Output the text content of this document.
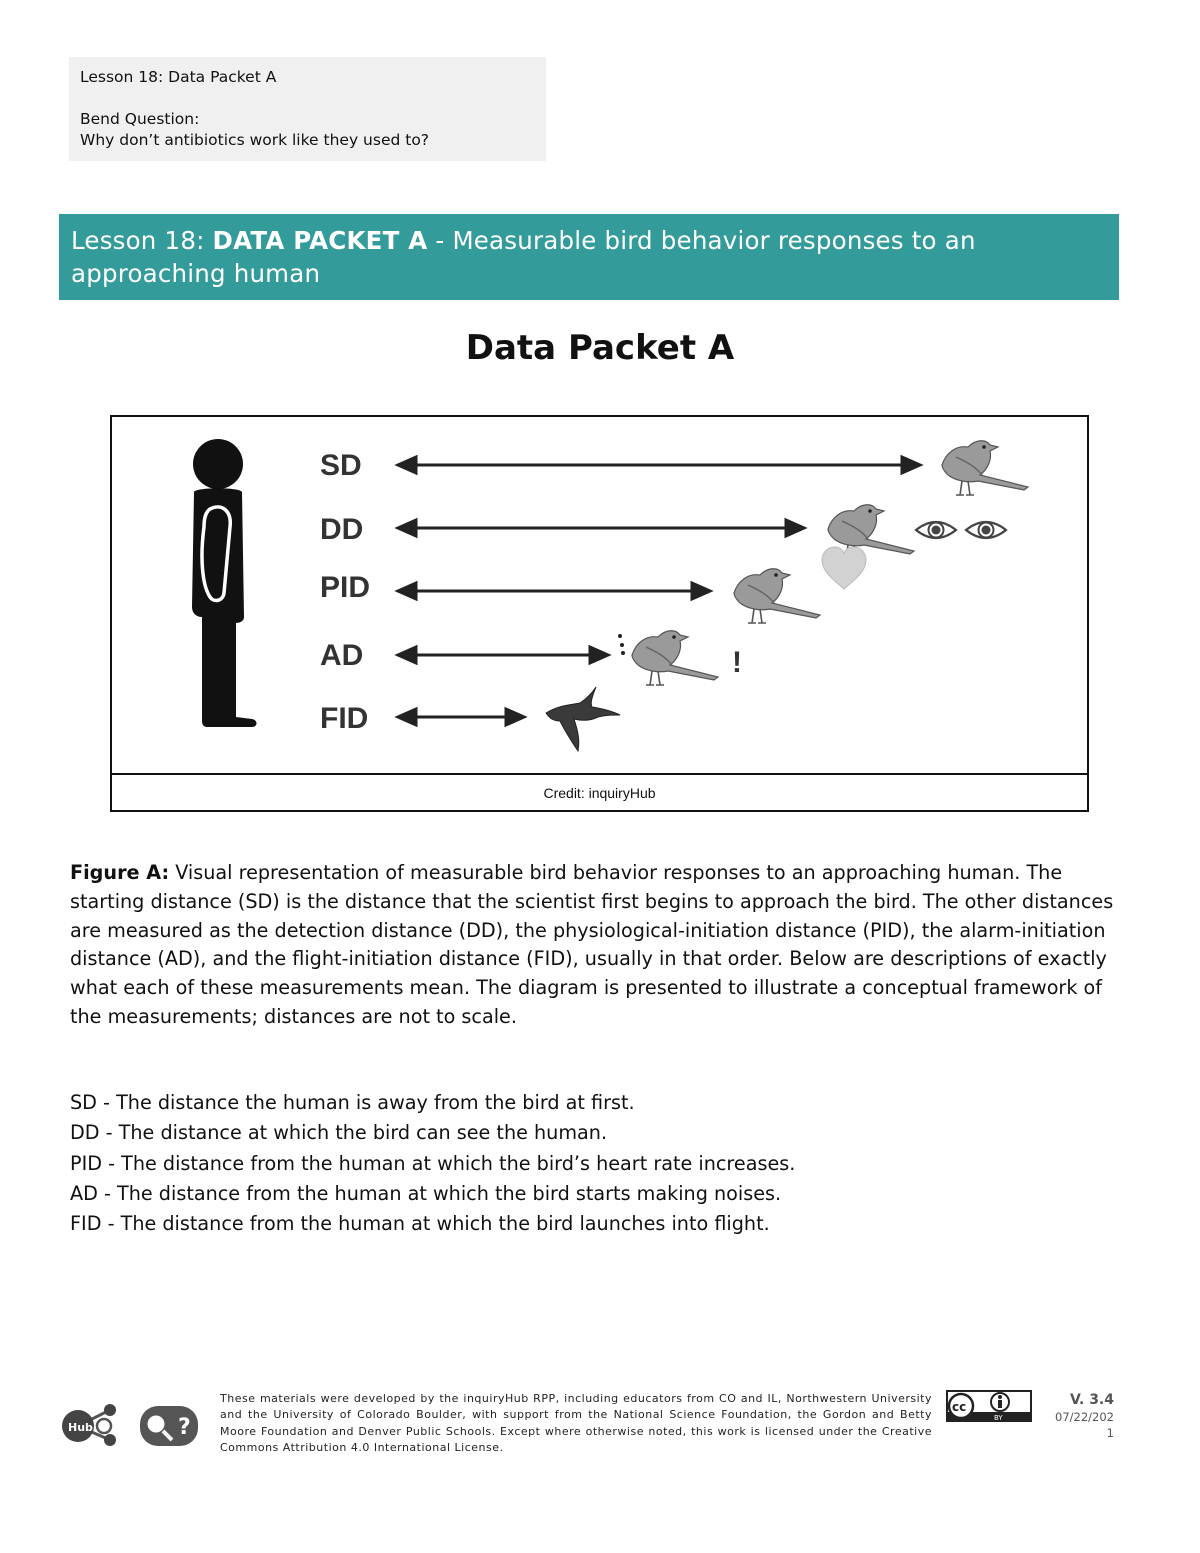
Lesson 18: Data Packet A
Bend Question:
Why don’t antibiotics work like they used to?
Lesson 18: DATA PACKET A - Measurable bird behavior responses to an approaching human
Data Packet A
SD
DD
PID
AD
FID
!
Credit: inquiryHub
Figure A: Visual representation of measurable bird behavior responses to an approaching human. The starting distance (SD) is the distance that the scientist first begins to approach the bird. The other distances are measured as the detection distance (DD), the physiological-initiation distance (PID), the alarm-initiation distance (AD), and the flight-initiation distance (FID), usually in that order. Below are descriptions of exactly what each of these measurements mean. The diagram is presented to illustrate a conceptual framework of the measurements; distances are not to scale.
SD - The distance the human is away from the bird at first.
DD - The distance at which the bird can see the human.
PID - The distance from the human at which the bird’s heart rate increases.
AD - The distance from the human at which the bird starts making noises.
FID - The distance from the human at which the bird launches into flight.
Hub	?
These materials were developed by the inquiryHub RPP, including educators from CO and IL, Northwestern University and the University of Colorado Boulder, with support from the National Science Foundation, the Gordon and Betty Moore Foundation and Denver Public Schools. Except where otherwise noted, this work is licensed under the Creative Commons Attribution 4.0 International License.
cc
BY
V. 3.4
07/22/202
1
